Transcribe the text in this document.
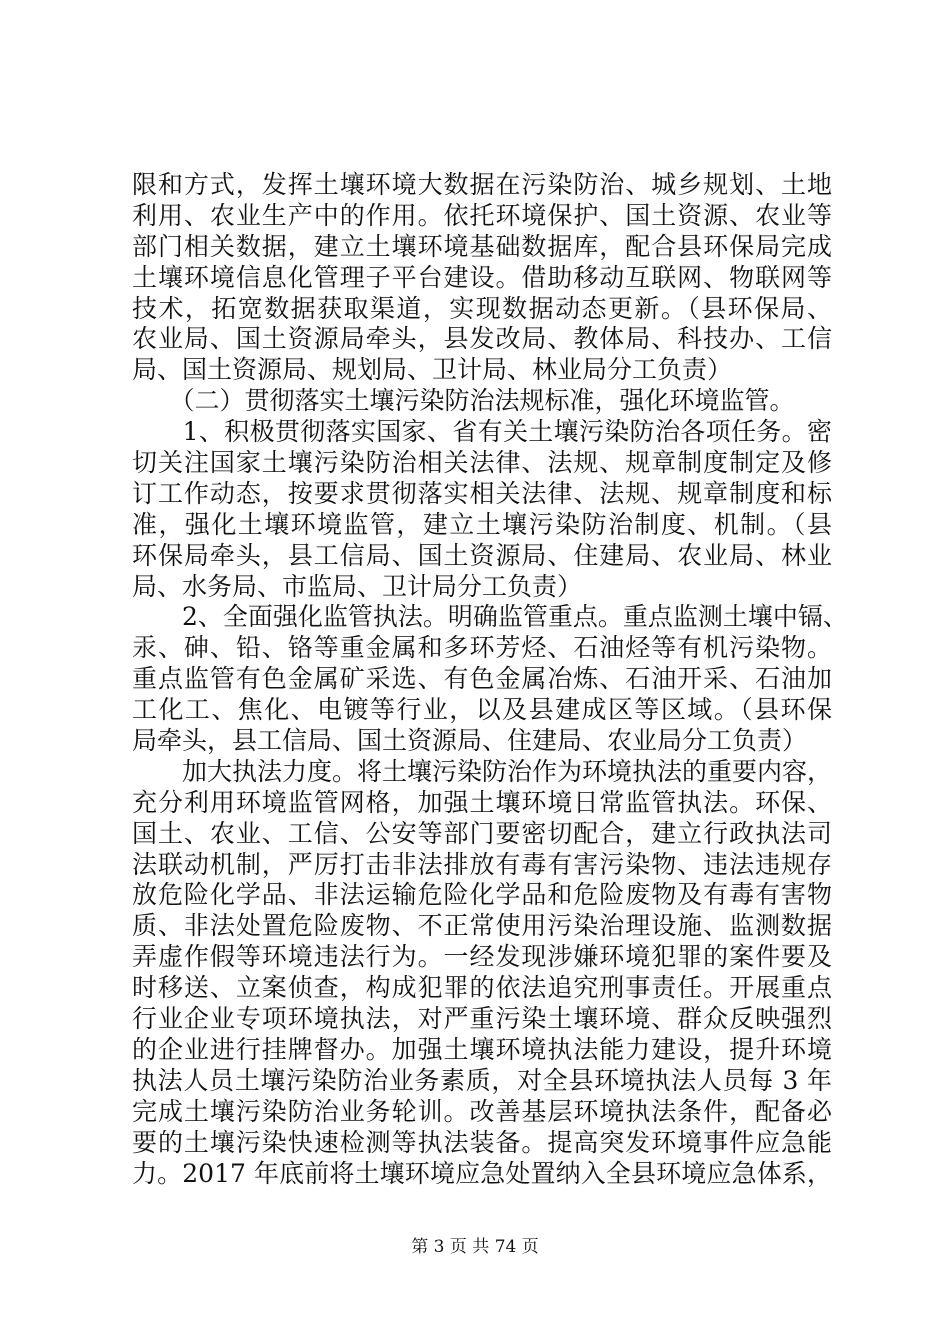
限和方式，发挥土壤环境大数据在污染防治、城乡规划、土地
利用、农业生产中的作用。依托环境保护、国土资源、农业等
部门相关数据，建立土壤环境基础数据库，配合县环保局完成
土壤环境信息化管理子平台建设。借助移动互联网、物联网等
技术，拓宽数据获取渠道，实现数据动态更新。（县环保局、
农业局、国土资源局牵头，县发改局、教体局、科技办、工信
局、国土资源局、规划局、卫计局、林业局分工负责）
　　（二）贯彻落实土壤污染防治法规标准，强化环境监管。
　　1、积极贯彻落实国家、省有关土壤污染防治各项任务。密
切关注国家土壤污染防治相关法律、法规、规章制度制定及修
订工作动态，按要求贯彻落实相关法律、法规、规章制度和标
准，强化土壤环境监管，建立土壤污染防治制度、机制。（县
环保局牵头，县工信局、国土资源局、住建局、农业局、林业
局、水务局、市监局、卫计局分工负责）
　　2、全面强化监管执法。明确监管重点。重点监测土壤中镉、
汞、砷、铅、铬等重金属和多环芳烃、石油烃等有机污染物。
重点监管有色金属矿采选、有色金属冶炼、石油开采、石油加
工化工、焦化、电镀等行业，以及县建成区等区域。（县环保
局牵头，县工信局、国土资源局、住建局、农业局分工负责）
　　加大执法力度。将土壤污染防治作为环境执法的重要内容，
充分利用环境监管网格，加强土壤环境日常监管执法。环保、
国土、农业、工信、公安等部门要密切配合，建立行政执法司
法联动机制，严厉打击非法排放有毒有害污染物、违法违规存
放危险化学品、非法运输危险化学品和危险废物及有毒有害物
质、非法处置危险废物、不正常使用污染治理设施、监测数据
弄虚作假等环境违法行为。一经发现涉嫌环境犯罪的案件要及
时移送、立案侦查，构成犯罪的依法追究刑事责任。开展重点
行业企业专项环境执法，对严重污染土壤环境、群众反映强烈
的企业进行挂牌督办。加强土壤环境执法能力建设，提升环境
执法人员土壤污染防治业务素质，对全县环境执法人员每 3 年
完成土壤污染防治业务轮训。改善基层环境执法条件，配备必
要的土壤污染快速检测等执法装备。提高突发环境事件应急能
力。2017 年底前将土壤环境应急处置纳入全县环境应急体系，
第 3 页 共 74 页
